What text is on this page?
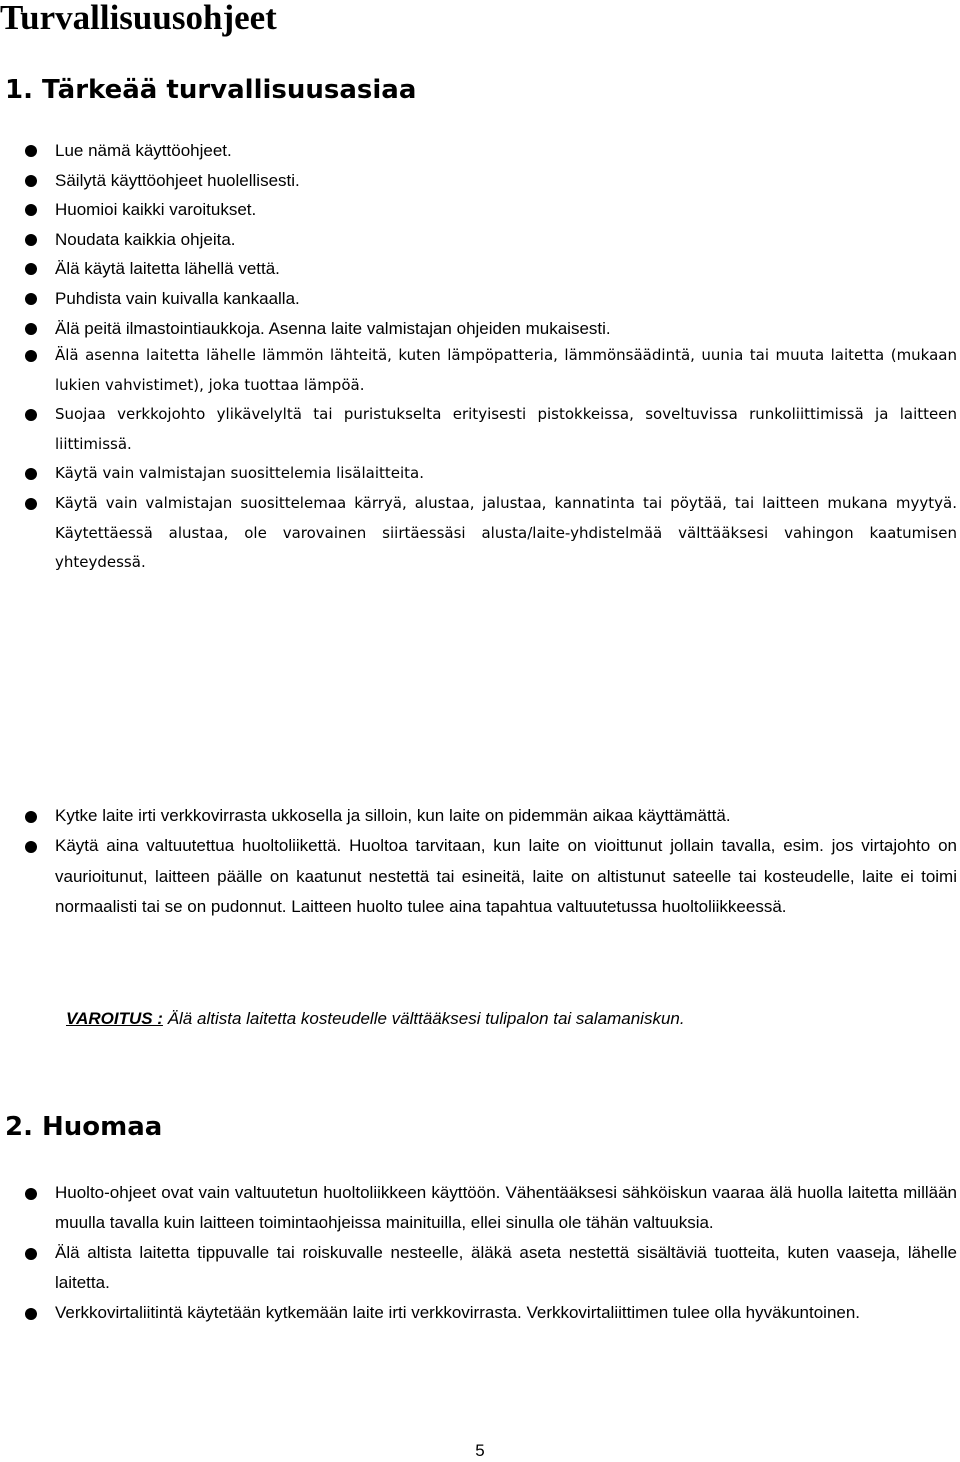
Turvallisuusohjeet
1. Tärkeää turvallisuusasiaa
Lue nämä käyttöohjeet.
Säilytä käyttöohjeet huolellisesti.
Huomioi kaikki varoitukset.
Noudata kaikkia ohjeita.
Älä käytä laitetta lähellä vettä.
Puhdista vain kuivalla kankaalla.
Älä peitä ilmastointiaukkoja. Asenna laite valmistajan ohjeiden mukaisesti.
Älä asenna laitetta lähelle lämmön lähteitä, kuten lämpöpatteria, lämmönsäädintä, uunia tai muuta laitetta (mukaan lukien vahvistimet), joka tuottaa lämpöä.
Suojaa verkkojohto ylikävelyltä tai puristukselta erityisesti pistokkeissa, soveltuvissa runkoliittimissä ja laitteen liittimissä.
Käytä vain valmistajan suosittelemia lisälaitteita.
Käytä vain valmistajan suosittelemaa kärryä, alustaa, jalustaa, kannatinta tai pöytää, tai laitteen mukana myytyä. Käytettäessä alustaa, ole varovainen siirtäessäsi alusta/laite-yhdistelmää välttääksesi vahingon kaatumisen yhteydessä.
Kytke laite irti verkkovirrasta ukkosella ja silloin, kun laite on pidemmän aikaa käyttämättä.
Käytä aina valtuutettua huoltoliikettä. Huoltoa tarvitaan, kun laite on vioittunut jollain tavalla, esim. jos virtajohto on vaurioitunut, laitteen päälle on kaatunut nestettä tai esineitä, laite on altistunut sateelle tai kosteudelle, laite ei toimi normaalisti tai se on pudonnut. Laitteen huolto tulee aina tapahtua valtuutetussa huoltoliikkeessä.

VAROITUS : Älä altista laitetta kosteudelle välttääksesi tulipalon tai salamaniskun.

2. Huomaa
Huolto-ohjeet ovat vain valtuutetun huoltoliikkeen käyttöön. Vähentääksesi sähköiskun vaaraa älä huolla laitetta millään muulla tavalla kuin laitteen toimintaohjeissa mainituilla, ellei sinulla ole tähän valtuuksia.
Älä altista laitetta tippuvalle tai roiskuvalle nesteelle, äläkä aseta nestettä sisältäviä tuotteita, kuten vaaseja, lähelle laitetta.
Verkkovirtaliitintä käytetään kytkemään laite irti verkkovirrasta. Verkkovirtaliittimen tulee olla hyväkuntoinen.
5
